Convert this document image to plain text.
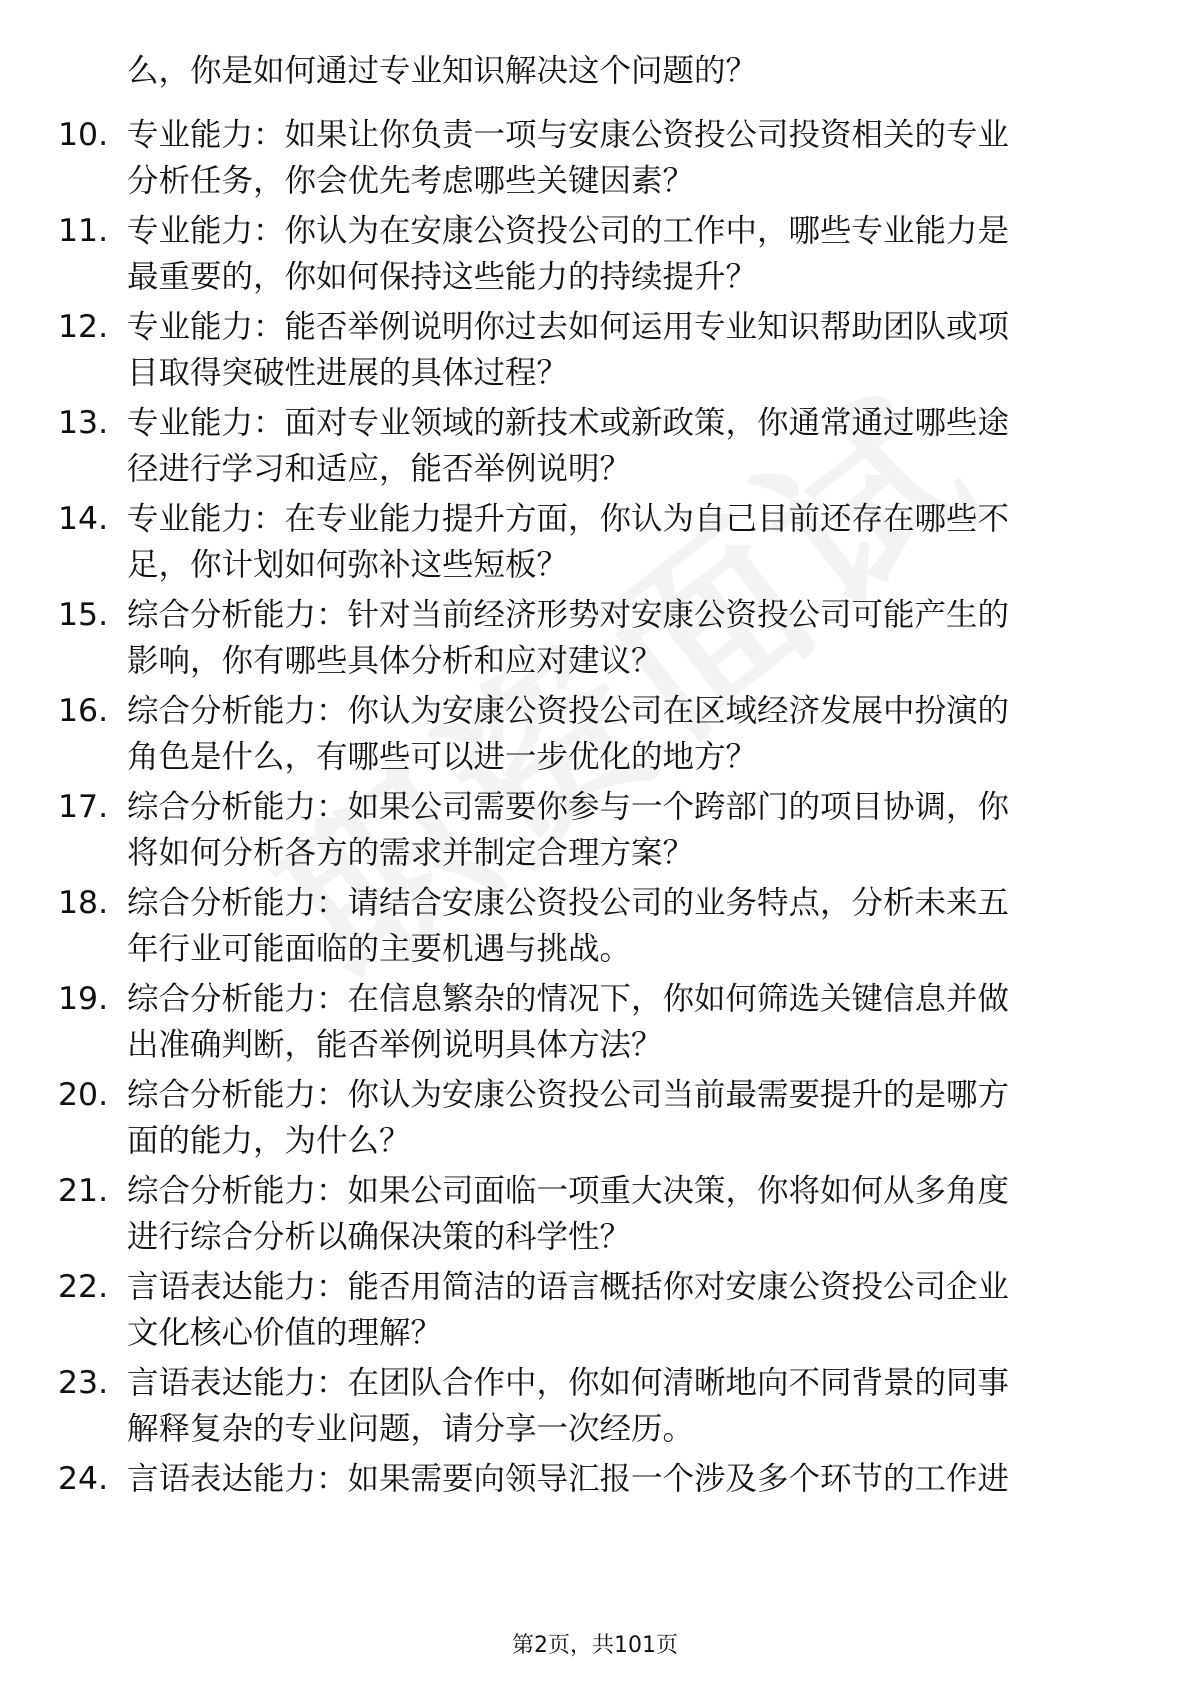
么，你是如何通过专业知识解决这个问题的？
10. 专业能力：如果让你负责一项与安康公资投公司投资相关的专业
分析任务，你会优先考虑哪些关键因素？
11. 专业能力：你认为在安康公资投公司的工作中，哪些专业能力是
最重要的，你如何保持这些能力的持续提升？
12. 专业能力：能否举例说明你过去如何运用专业知识帮助团队或项
目取得突破性进展的具体过程？
13. 专业能力：面对专业领域的新技术或新政策，你通常通过哪些途
径进行学习和适应，能否举例说明？
14. 专业能力：在专业能力提升方面，你认为自己目前还存在哪些不
足，你计划如何弥补这些短板？
15. 综合分析能力：针对当前经济形势对安康公资投公司可能产生的
影响，你有哪些具体分析和应对建议？
16. 综合分析能力：你认为安康公资投公司在区域经济发展中扮演的
角色是什么，有哪些可以进一步优化的地方？
17. 综合分析能力：如果公司需要你参与一个跨部门的项目协调，你
将如何分析各方的需求并制定合理方案？
18. 综合分析能力：请结合安康公资投公司的业务特点，分析未来五
年行业可能面临的主要机遇与挑战。
19. 综合分析能力：在信息繁杂的情况下，你如何筛选关键信息并做
出准确判断，能否举例说明具体方法？
20. 综合分析能力：你认为安康公资投公司当前最需要提升的是哪方
面的能力，为什么？
21. 综合分析能力：如果公司面临一项重大决策，你将如何从多角度
进行综合分析以确保决策的科学性？
22. 言语表达能力：能否用简洁的语言概括你对安康公资投公司企业
文化核心价值的理解？
23. 言语表达能力：在团队合作中，你如何清晰地向不同背景的同事
解释复杂的专业问题，请分享一次经历。
24. 言语表达能力：如果需要向领导汇报一个涉及多个环节的工作进
第2页，共101页
